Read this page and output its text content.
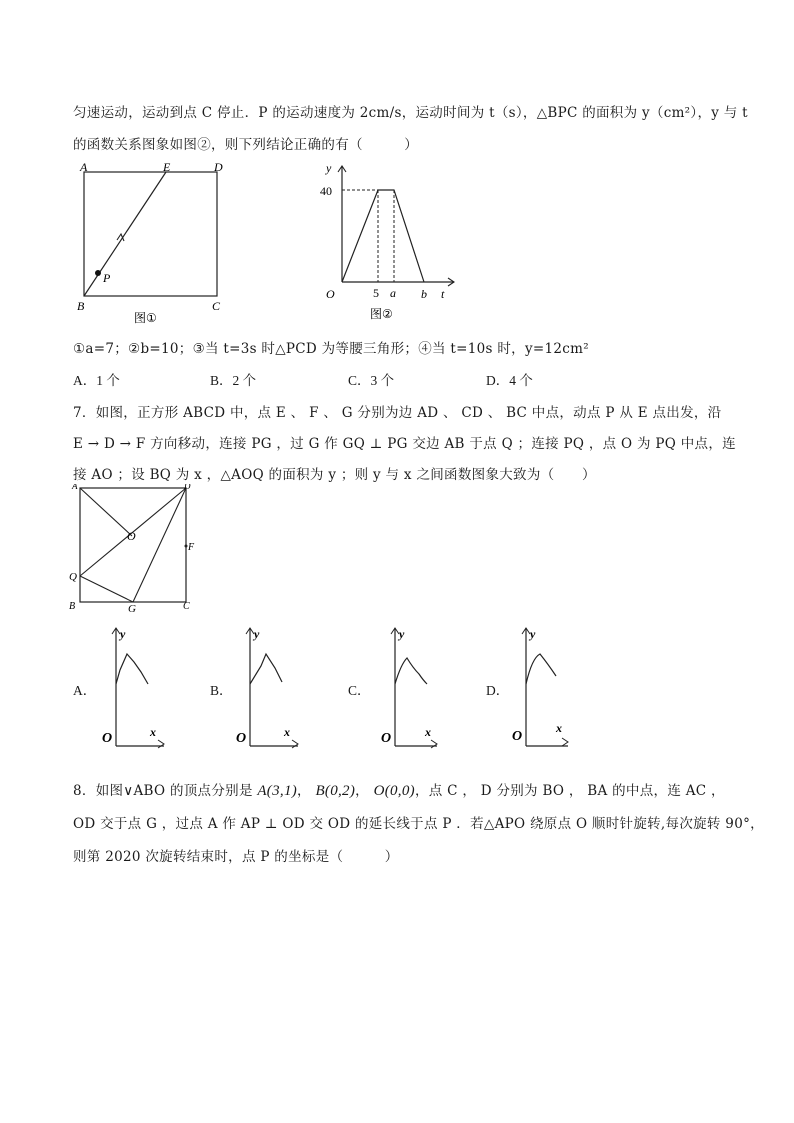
匀速运动，运动到点 C 停止．P 的运动速度为 2cm/s，运动时间为 t（s），△BPC 的面积为 y（cm²），y 与 t
的函数关系图象如图②，则下列结论正确的有（　　　）
A	E	D
P
B	C
图①
y
40
O	5 a b t
图②
①a=7；②b=10；③当 t=3s 时△PCD 为等腰三角形；④当 t=10s 时，y=12cm²
A．1 个	B．2 个	C．3 个	D．4 个
7．如图，正方形 ABCD 中，点 E 、 F 、 G 分别为边 AD 、 CD 、 BC 中点，动点 P 从 E 点出发，沿
E → D → F 方向移动，连接 PG ，过 G 作 GQ ⊥ PG 交边 AB 于点 Q ；连接 PQ ，点 O 为 PQ 中点，连
接 AO ；设 BQ 为 x ，△AOQ 的面积为 y ；则 y 与 x 之间函数图象大致为（　　）
O
F
Q
B	G	C
D
A
A．
y
x
O
B．
y
x
O
C．
y
x
O
D．
y
x
O
8．如图∨ABO 的顶点分别是 A(3,1)， B(0,2)， O(0,0)，点 C ， D 分别为 BO ， BA 的中点，连 AC ，
OD 交于点 G ，过点 A 作 AP ⊥ OD 交 OD 的延长线于点 P ．若△APO 绕原点 O 顺时针旋转,每次旋转 90°，
则第 2020 次旋转结束时，点 P 的坐标是（　　　）
